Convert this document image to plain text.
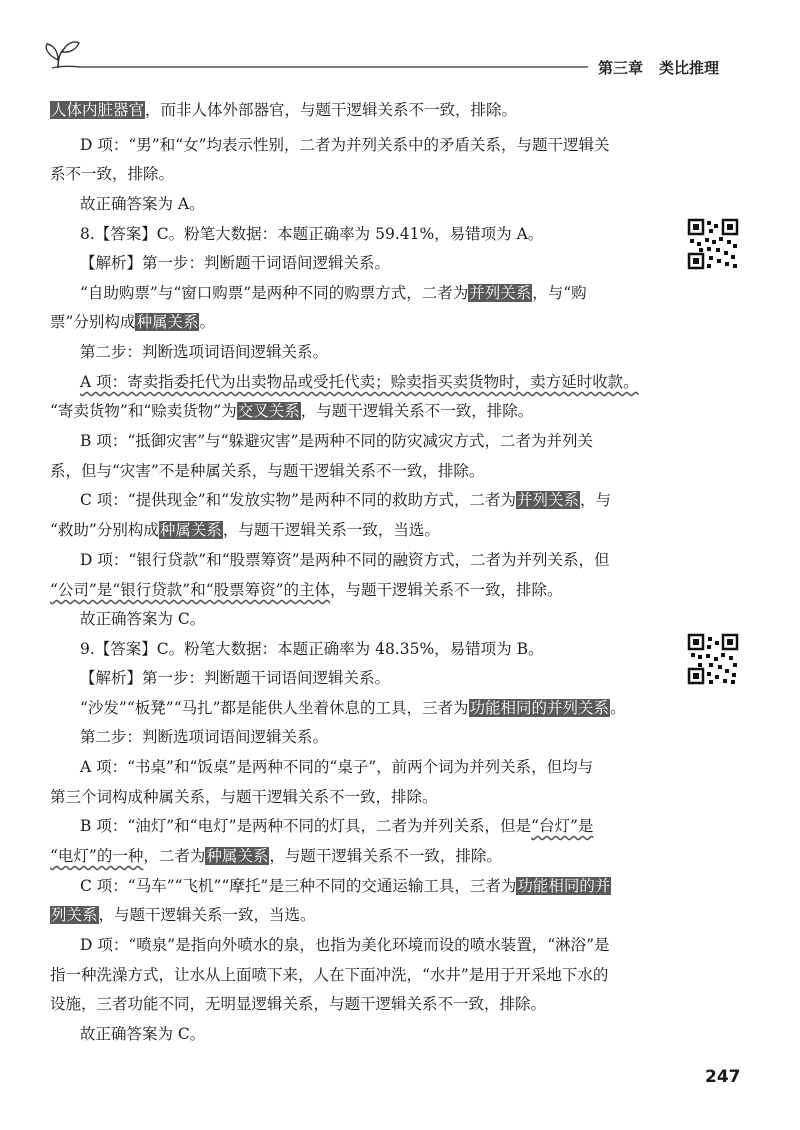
第三章 类比推理
人体内脏器官，而非人体外部器官，与题干逻辑关系不一致，排除。
D 项：“男”和“女”均表示性别，二者为并列关系中的矛盾关系，与题干逻辑关
系不一致，排除。
故正确答案为 A。
8.【答案】C。粉笔大数据：本题正确率为 59.41%，易错项为 A。
【解析】第一步：判断题干词语间逻辑关系。
“自助购票”与“窗口购票”是两种不同的购票方式，二者为并列关系，与“购
票”分别构成种属关系。
第二步：判断选项词语间逻辑关系。
A 项：寄卖指委托代为出卖物品或受托代卖；赊卖指买卖货物时，卖方延时收款。
“寄卖货物”和“赊卖货物”为交叉关系，与题干逻辑关系不一致，排除。
B 项：“抵御灾害”与“躲避灾害”是两种不同的防灾减灾方式，二者为并列关
系，但与“灾害”不是种属关系，与题干逻辑关系不一致，排除。
C 项：“提供现金”和“发放实物”是两种不同的救助方式，二者为并列关系，与
“救助”分别构成种属关系，与题干逻辑关系一致，当选。
D 项：“银行贷款”和“股票筹资”是两种不同的融资方式，二者为并列关系，但
“公司”是“银行贷款”和“股票筹资”的主体，与题干逻辑关系不一致，排除。
故正确答案为 C。
9.【答案】C。粉笔大数据：本题正确率为 48.35%，易错项为 B。
【解析】第一步：判断题干词语间逻辑关系。
“沙发”“板凳”“马扎”都是能供人坐着休息的工具，三者为功能相同的并列关系。
第二步：判断选项词语间逻辑关系。
A 项：“书桌”和“饭桌”是两种不同的“桌子”，前两个词为并列关系，但均与
第三个词构成种属关系，与题干逻辑关系不一致，排除。
B 项：“油灯”和“电灯”是两种不同的灯具，二者为并列关系，但是“台灯”是
“电灯”的一种，二者为种属关系，与题干逻辑关系不一致，排除。
C 项：“马车”“飞机”“摩托”是三种不同的交通运输工具，三者为功能相同的并
列关系，与题干逻辑关系一致，当选。
D 项：“喷泉”是指向外喷水的泉，也指为美化环境而设的喷水装置，“淋浴”是
指一种洗澡方式，让水从上面喷下来，人在下面冲洗，“水井”是用于开采地下水的
设施，三者功能不同，无明显逻辑关系，与题干逻辑关系不一致，排除。
故正确答案为 C。
247
